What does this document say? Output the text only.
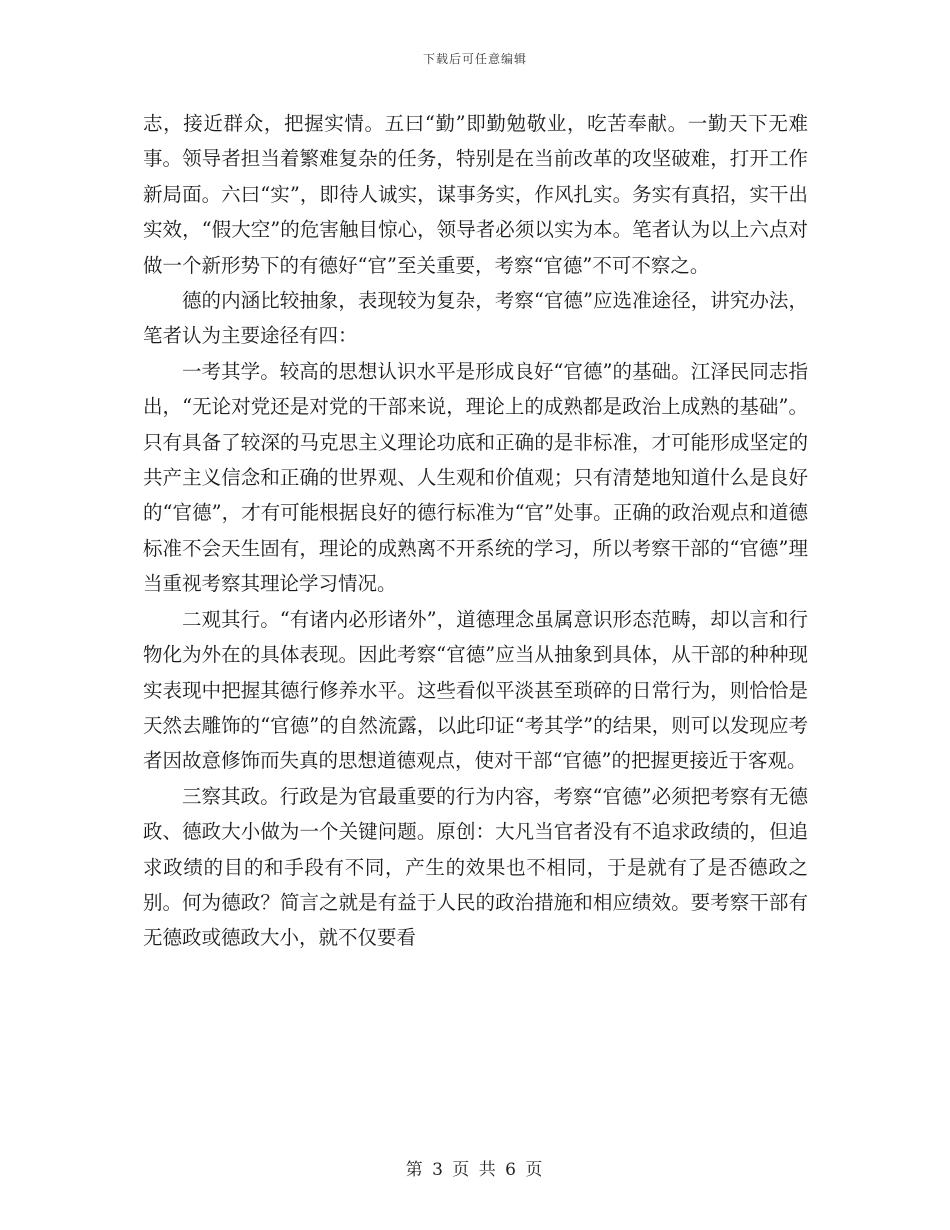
下载后可任意编辑

志，接近群众，把握实情。五曰“勤”即勤勉敬业，吃苦奉献。一勤天下无难事。领导者担当着繁难复杂的任务，特别是在当前改革的攻坚破难，打开工作新局面。六曰“实”，即待人诚实，谋事务实，作风扎实。务实有真招，实干出实效，“假大空”的危害触目惊心，领导者必须以实为本。笔者认为以上六点对做一个新形势下的有德好“官”至关重要，考察“官德”不可不察之。

德的内涵比较抽象，表现较为复杂，考察“官德”应选准途径，讲究办法，笔者认为主要途径有四：

一考其学。较高的思想认识水平是形成良好“官德”的基础。江泽民同志指出，“无论对党还是对党的干部来说，理论上的成熟都是政治上成熟的基础”。只有具备了较深的马克思主义理论功底和正确的是非标准，才可能形成坚定的共产主义信念和正确的世界观、人生观和价值观；只有清楚地知道什么是良好的“官德”，才有可能根据良好的德行标准为“官”处事。正确的政治观点和道德标准不会天生固有，理论的成熟离不开系统的学习，所以考察干部的“官德”理当重视考察其理论学习情况。

二观其行。“有诸内必形诸外”，道德理念虽属意识形态范畴，却以言和行物化为外在的具体表现。因此考察“官德”应当从抽象到具体，从干部的种种现实表现中把握其德行修养水平。这些看似平淡甚至琐碎的日常行为，则恰恰是天然去雕饰的“官德”的自然流露，以此印证“考其学”的结果，则可以发现应考者因故意修饰而失真的思想道德观点，使对干部“官德”的把握更接近于客观。

三察其政。行政是为官最重要的行为内容，考察“官德”必须把考察有无德政、德政大小做为一个关键问题。原创：大凡当官者没有不追求政绩的，但追求政绩的目的和手段有不同，产生的效果也不相同，于是就有了是否德政之别。何为德政？简言之就是有益于人民的政治措施和相应绩效。要考察干部有无德政或德政大小，就不仅要看

第 3 页 共 6 页
